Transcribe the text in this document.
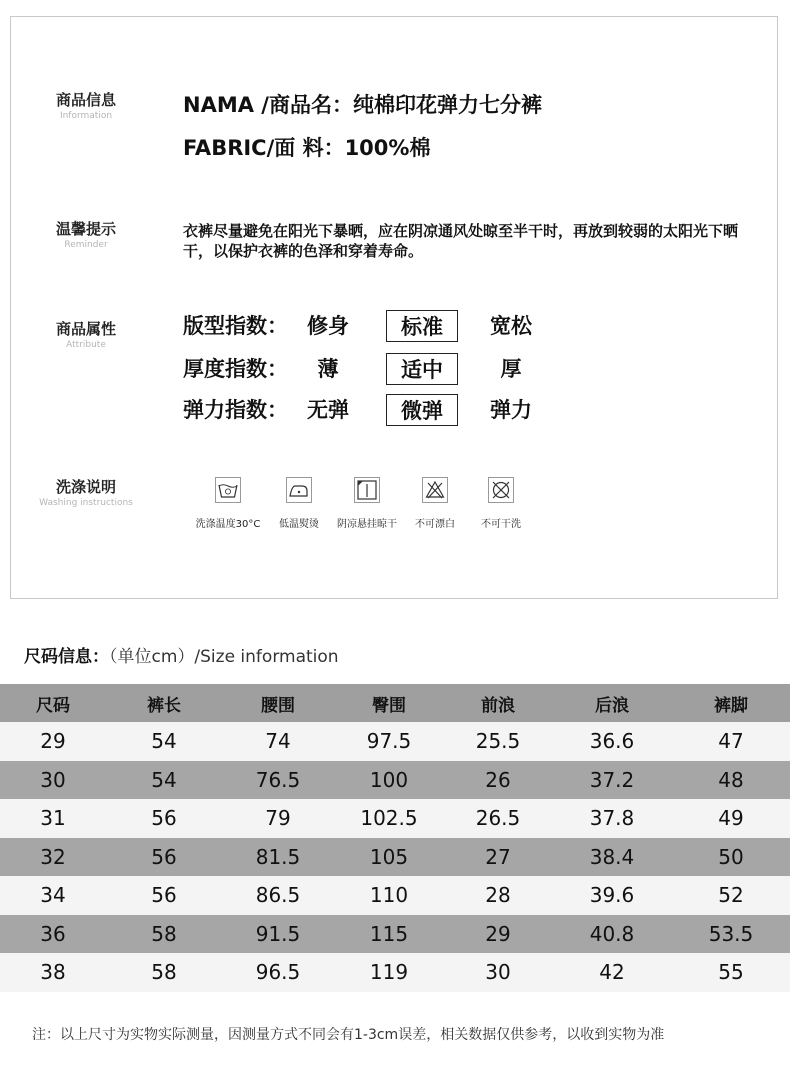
商品信息
Information	NAMA /商品名：纯棉印花弹力七分裤
FABRIC/面 料：100%棉
温馨提示
Reminder
衣裤尽量避免在阳光下暴晒，应在阴凉通风处晾至半干时，再放到较弱的太阳光下晒干，以保护衣裤的色泽和穿着寿命。
商品属性
Attribute
版型指数： 修身	标准	宽松
厚度指数：	薄	适中	厚
弹力指数： 无弹	微弹	弹力
洗涤说明
Washing instructions
洗涤温度30°C	低温熨烫	阴凉悬挂晾干	不可漂白	不可干洗
尺码信息：（单位cm）/Size information
尺码	裤长	腰围	臀围	前浪	后浪	裤脚
29	54	74	97.5	25.5	36.6	47
30	54	76.5	100	26	37.2	48
31	56	79	102.5	26.5	37.8	49
32	56	81.5	105	27	38.4	50
34	56	86.5	110	28	39.6	52
36	58	91.5	115	29	40.8	53.5
38	58	96.5	119	30	42	55
注：以上尺寸为实物实际测量，因测量方式不同会有1-3cm误差，相关数据仅供参考，以收到实物为准
